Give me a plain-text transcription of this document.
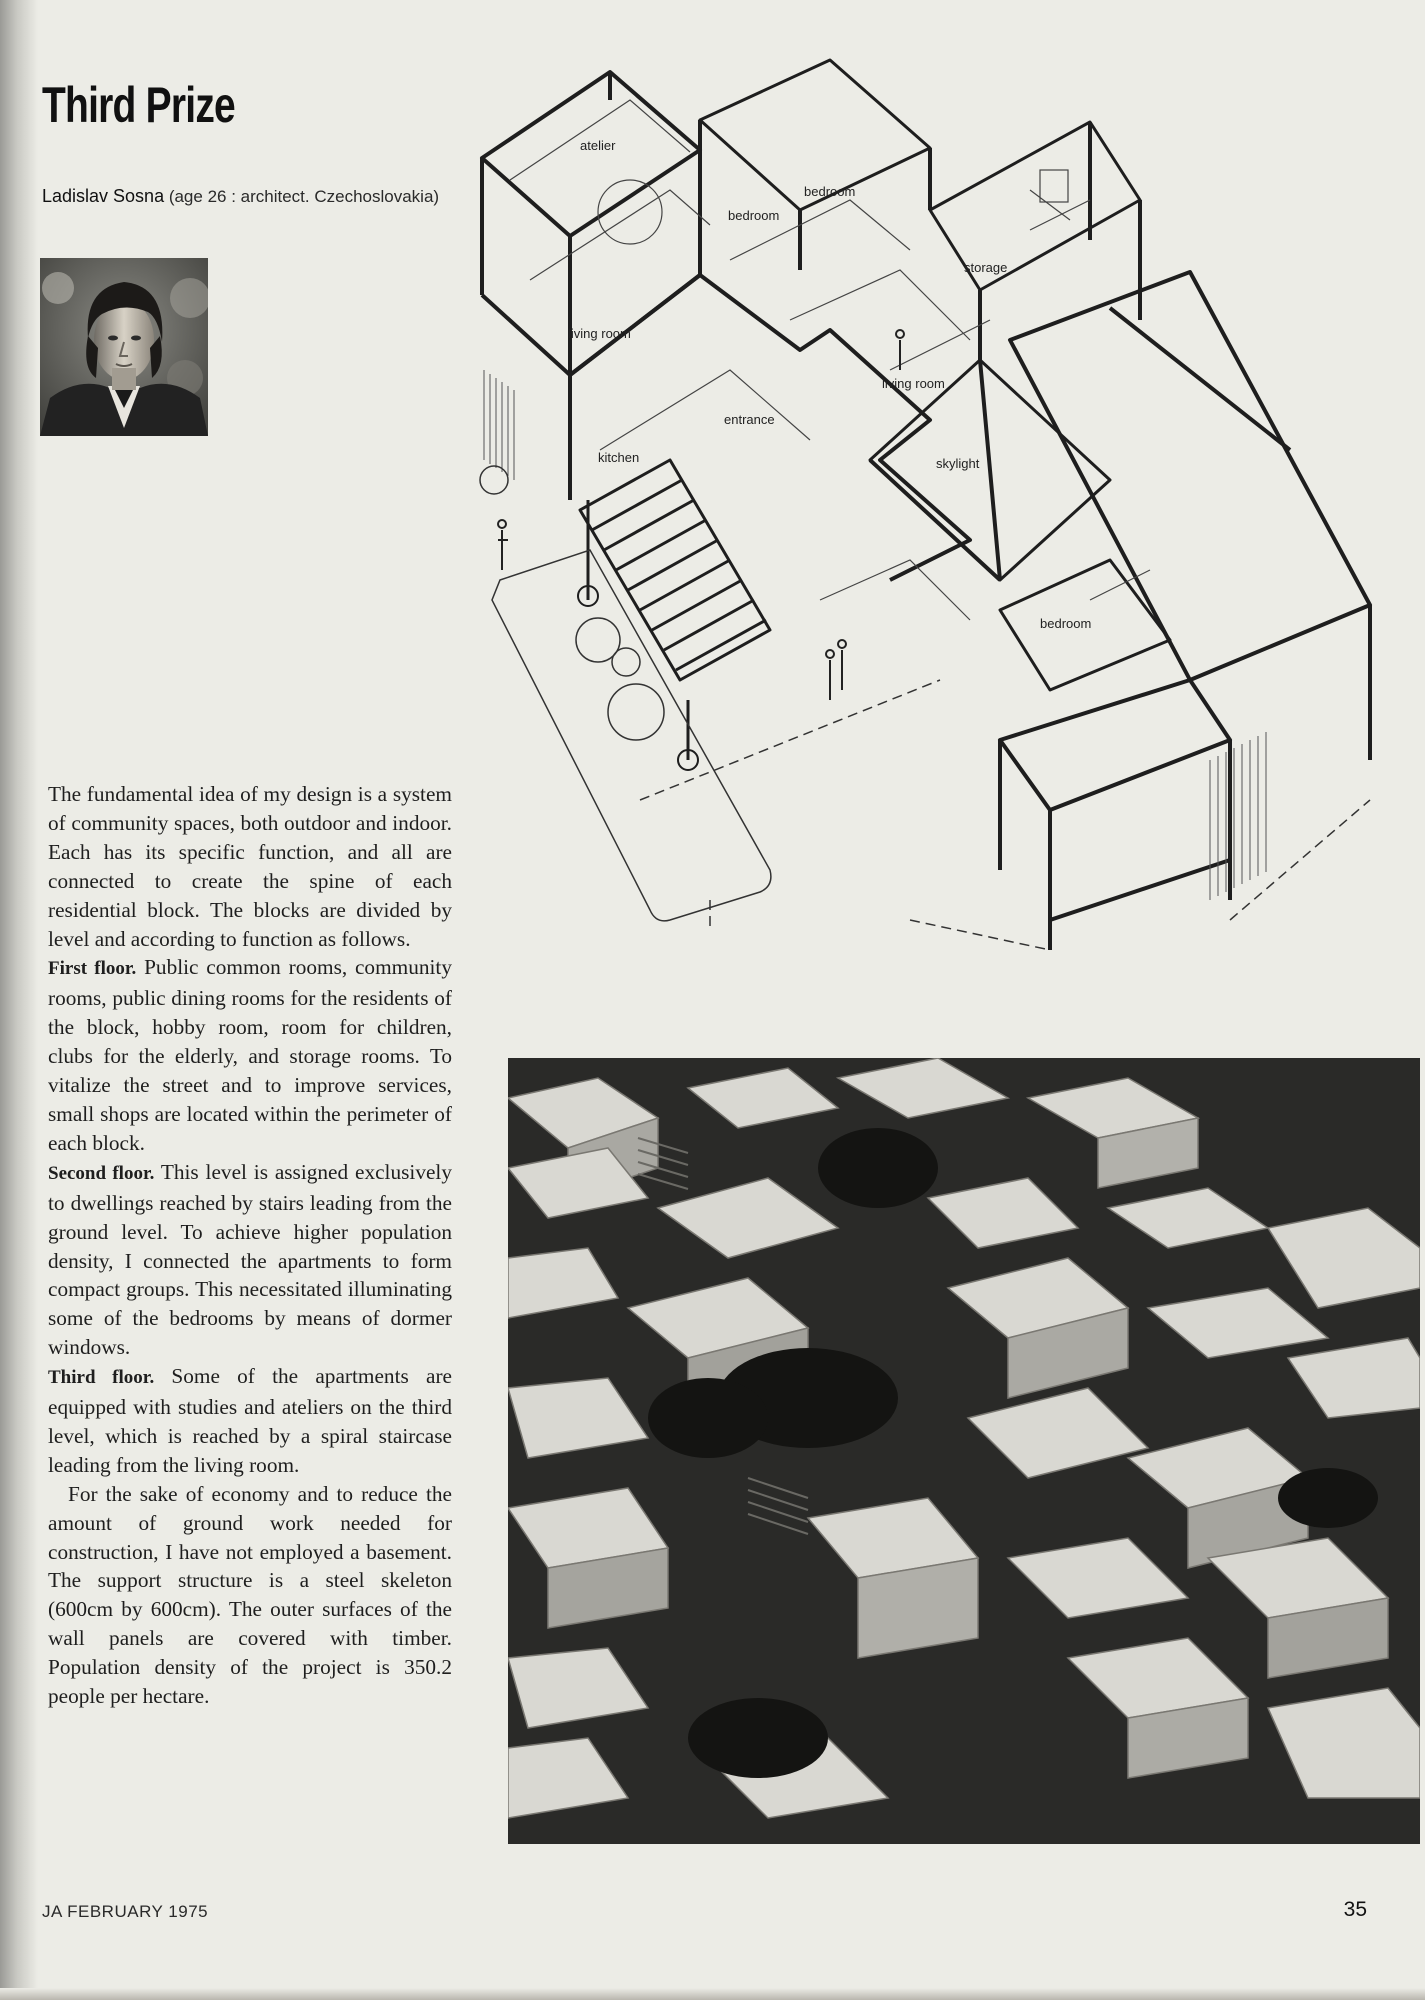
Third Prize
Ladislav Sosna (age 26 : architect. Czechoslovakia)
atelier
bedroom
bedroom
storage
living room
living room
entrance
kitchen	skylight
bedroom

The fundamental idea of my design is a system of community spaces, both outdoor and indoor. Each has its specific function, and all are connected to create the spine of each residential block. The blocks are divided by level and according to function as follows.

First floor. Public common rooms, community rooms, public dining rooms for the residents of the block, hobby room, room for children, clubs for the elderly, and storage rooms. To vitalize the street and to improve services, small shops are located within the perimeter of each block.

Second floor. This level is assigned exclusively to dwellings reached by stairs leading from the ground level. To achieve higher population density, I connected the apartments to form compact groups. This necessitated illuminating some of the bedrooms by means of dormer windows.

Third floor. Some of the apartments are equipped with studies and ateliers on the third level, which is reached by a spiral staircase leading from the living room.

For the sake of economy and to reduce the amount of ground work needed for construction, I have not employed a basement. The support structure is a steel skeleton (600cm by 600cm). The outer surfaces of the wall panels are covered with timber. Population density of the project is 350.2 people per hectare.

JA FEBRUARY 1975	35
